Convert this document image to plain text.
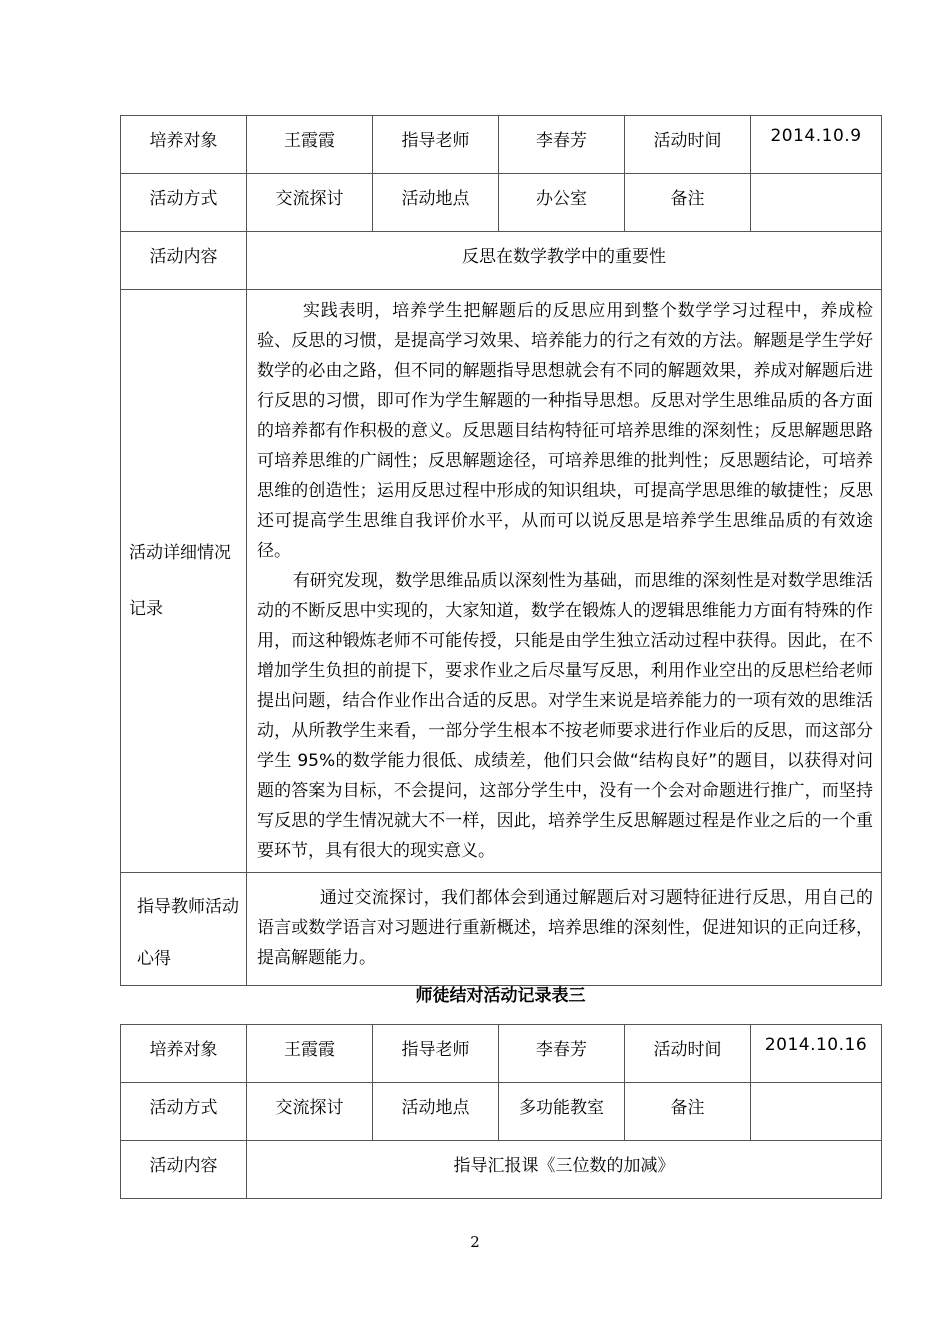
培养对象	王霞霞	指导老师	李春芳	活动时间	2014.10.9
活动方式	交流探讨	活动地点	办公室	备注	
活动内容	反思在数学教学中的重要性				
活动详细情况记录	实践表明，培养学生把解题后的反思应用到整个数学学习过程中，养成检验、反思的习惯，是提高学习效果、培养能力的行之有效的方法。解题是学生学好数学的必由之路，但不同的解题指导思想就会有不同的解题效果，养成对解题后进行反思的习惯，即可作为学生解题的一种指导思想。反思对学生思维品质的各方面的培养都有作积极的意义。反思题目结构特征可培养思维的深刻性；反思解题思路可培养思维的广阔性；反思解题途径，可培养思维的批判性；反思题结论，可培养思维的创造性；运用反思过程中形成的知识组块，可提高学思思维的敏捷性；反思还可提高学生思维自我评价水平，从而可以说反思是培养学生思维品质的有效途径。

有研究发现，数学思维品质以深刻性为基础，而思维的深刻性是对数学思维活动的不断反思中实现的，大家知道，数学在锻炼人的逻辑思维能力方面有特殊的作用，而这种锻炼老师不可能传授，只能是由学生独立活动过程中获得。因此，在不增加学生负担的前提下，要求作业之后尽量写反思，利用作业空出的反思栏给老师提出问题，结合作业作出合适的反思。对学生来说是培养能力的一项有效的思维活动，从所教学生来看，一部分学生根本不按老师要求进行作业后的反思，而这部分学生 95%的数学能力很低、成绩差，他们只会做“结构良好”的题目，以获得对问题的答案为目标，不会提问，这部分学生中，没有一个会对命题进行推广，而坚持写反思的学生情况就大不一样，因此，培养学生反思解题过程是作业之后的一个重要环节，具有很大的现实意义。				

指导教师活动　心得	通过交流探讨，我们都体会到通过解题后对习题特征进行反思，用自己的语言或数学语言对习题进行重新概述，培养思维的深刻性，促进知识的正向迁移，提高解题能力。				

师徒结对活动记录表三
培养对象	王霞霞	指导老师	李春芳	活动时间	2014.10.16
活动方式	交流探讨	活动地点	多功能教室	备注	
活动内容	指导汇报课《三位数的加减》				
2
